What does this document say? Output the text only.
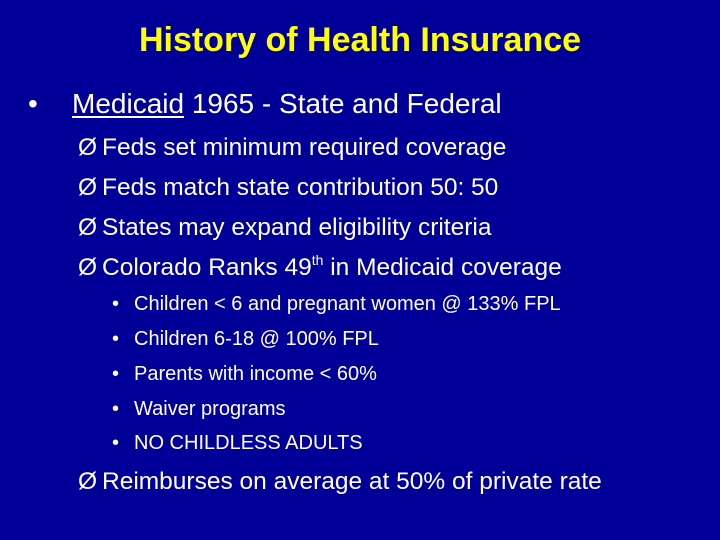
History of Health Insurance
• Medicaid 1965 - State and Federal
Ø Feds set minimum required coverage
Ø Feds match state contribution 50: 50
Ø States may expand eligibility criteria
Ø Colorado Ranks 49th in Medicaid coverage
• Children < 6 and pregnant women @ 133% FPL
• Children 6-18 @ 100% FPL
• Parents with income < 60%
• Waiver programs
• NO CHILDLESS ADULTS
Ø Reimburses on average at 50% of private rate
